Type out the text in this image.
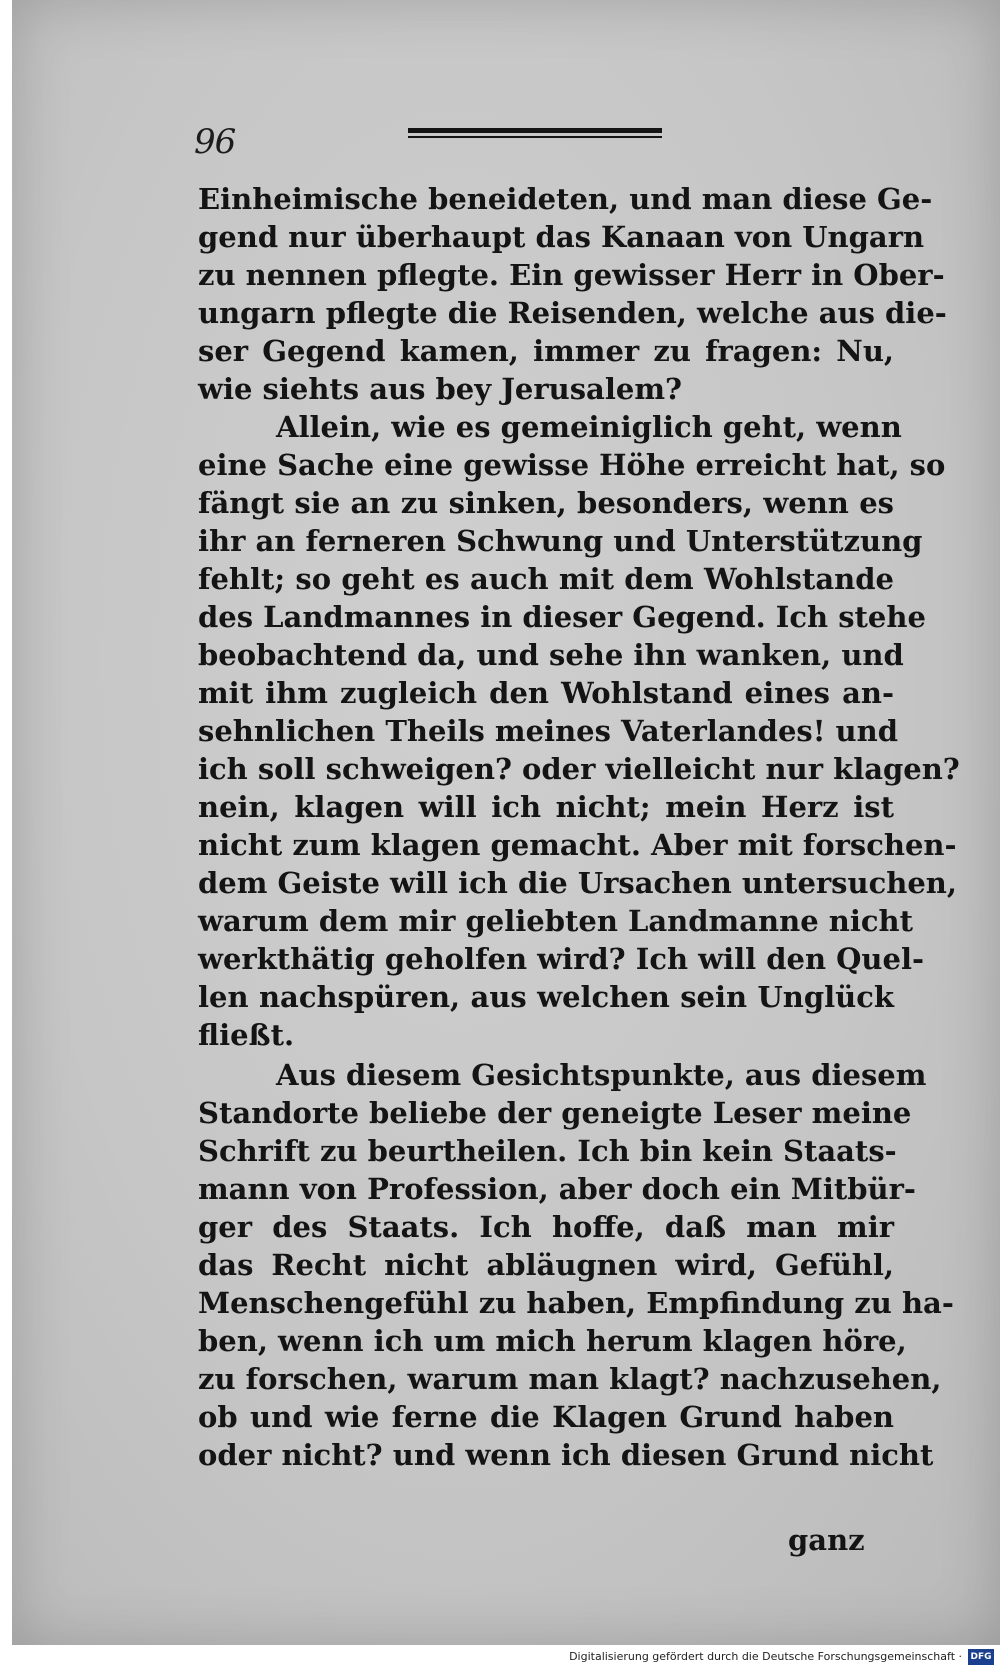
96
Einheimische beneideten, und man diese Ge-
gend nur überhaupt das Kanaan von Ungarn
zu nennen pflegte. Ein gewisser Herr in Ober-
ungarn pflegte die Reisenden, welche aus die-
ser Gegend kamen, immer zu fragen: Nu,
wie siehts aus bey Jerusalem?
Allein, wie es gemeiniglich geht, wenn
eine Sache eine gewisse Höhe erreicht hat, so
fängt sie an zu sinken, besonders, wenn es
ihr an ferneren Schwung und Unterstützung
fehlt; so geht es auch mit dem Wohlstande
des Landmannes in dieser Gegend. Ich stehe
beobachtend da, und sehe ihn wanken, und
mit ihm zugleich den Wohlstand eines an-
sehnlichen Theils meines Vaterlandes! und
ich soll schweigen? oder vielleicht nur klagen?
nein, klagen will ich nicht; mein Herz ist
nicht zum klagen gemacht. Aber mit forschen-
dem Geiste will ich die Ursachen untersuchen,
warum dem mir geliebten Landmanne nicht
werkthätig geholfen wird? Ich will den Quel-
len nachspüren, aus welchen sein Unglück
fließt.
Aus diesem Gesichtspunkte, aus diesem
Standorte beliebe der geneigte Leser meine
Schrift zu beurtheilen. Ich bin kein Staats-
mann von Profession, aber doch ein Mitbür-
ger des Staats. Ich hoffe, daß man mir
das Recht nicht abläugnen wird, Gefühl,
Menschengefühl zu haben, Empfindung zu ha-
ben, wenn ich um mich herum klagen höre,
zu forschen, warum man klagt? nachzusehen,
ob und wie ferne die Klagen Grund haben
oder nicht? und wenn ich diesen Grund nicht
ganz
Digitalisierung gefördert durch die Deutsche Forschungsgemeinschaft · DFG
